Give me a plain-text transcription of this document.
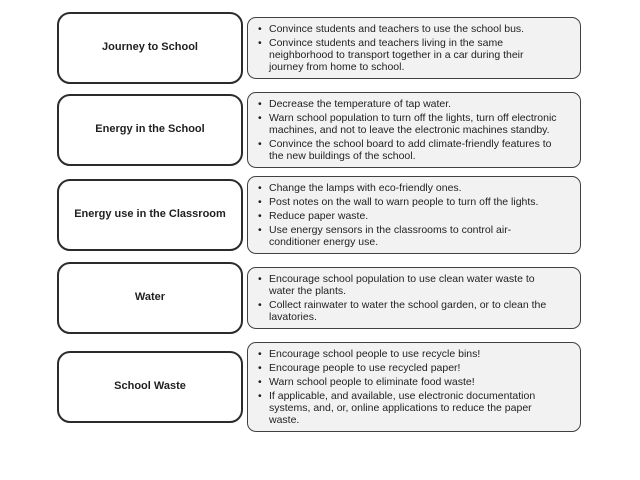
Journey to School
• Convince students and teachers to use the school bus.
• Convince students and teachers living in the same neighborhood to transport together in a car during their journey from home to school.
Energy in the School
• Decrease the temperature of tap water.
• Warn school population to turn off the lights, turn off electronic machines, and not to leave the electronic machines standby.
• Convince the school board to add climate-friendly features to the new buildings of the school.
Energy use in the Classroom
• Change the lamps with eco-friendly ones.
• Post notes on the wall to warn people to turn off the lights.
• Reduce paper waste.
• Use energy sensors in the classrooms to control air-conditioner energy use.
Water
• Encourage school population to use clean water waste to water the plants.
• Collect rainwater to water the school garden, or to clean the lavatories.
School Waste
• Encourage school people to use recycle bins!
• Encourage people to use recycled paper!
• Warn school people to eliminate food waste!
• If applicable, and available, use electronic documentation systems, and, or, online applications to reduce the paper waste.
